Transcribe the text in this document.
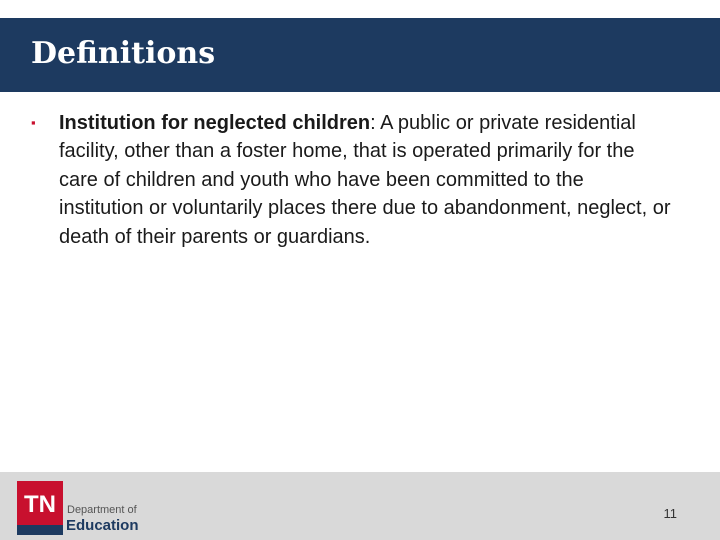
Definitions
▪	Institution for neglected children: A public or private residential facility, other than a foster home, that is operated primarily for the care of children and youth who have been committed to the institution or voluntarily places there due to abandonment, neglect, or death of their parents or guardians.
TN Department of
Education
11
